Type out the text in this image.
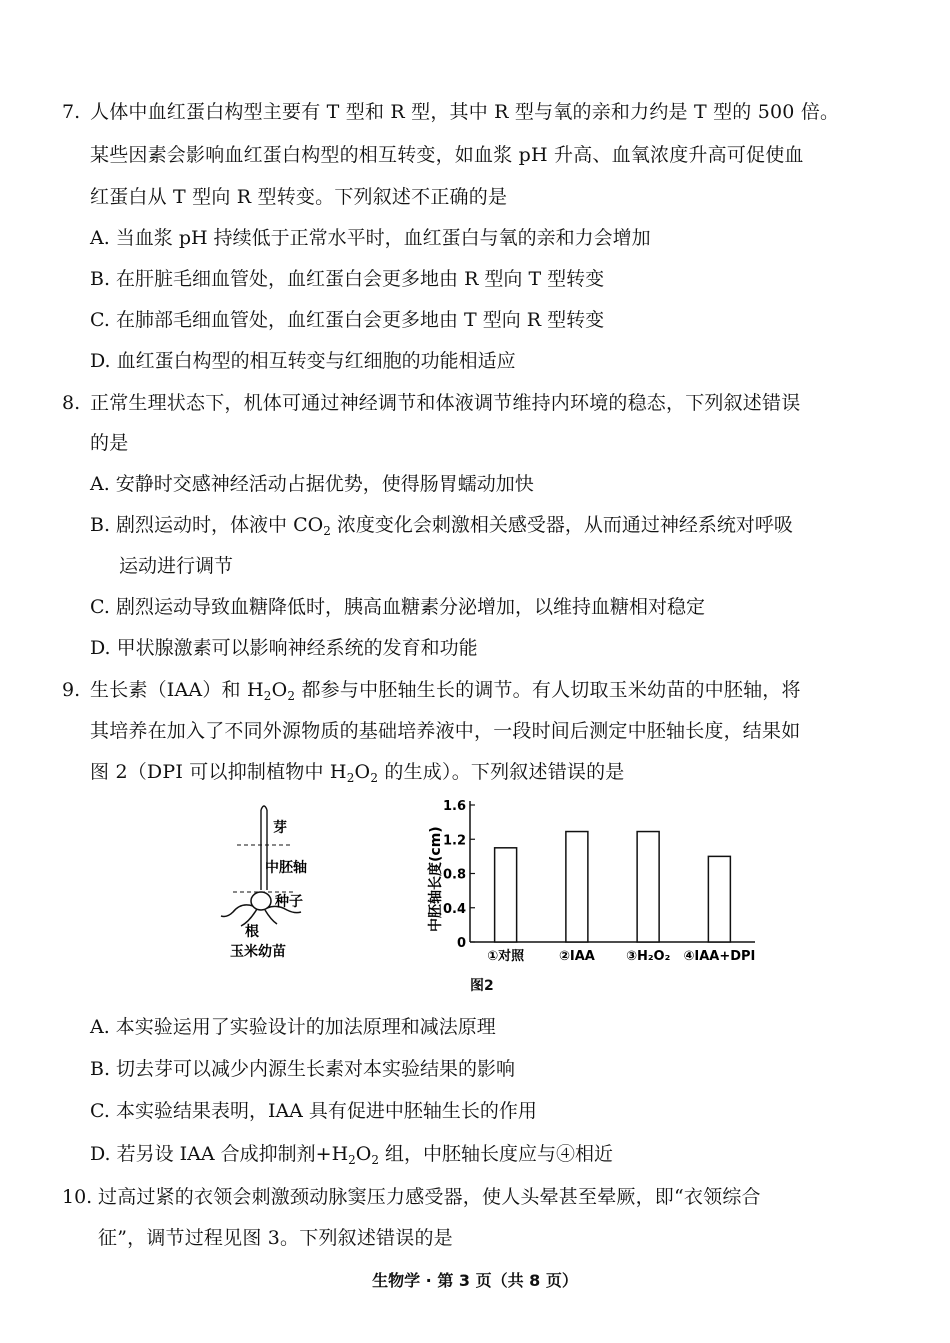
7. 人体中血红蛋白构型主要有 T 型和 R 型，其中 R 型与氧的亲和力约是 T 型的 500 倍。
某些因素会影响血红蛋白构型的相互转变，如血浆 pH 升高、血氧浓度升高可促使血
红蛋白从 T 型向 R 型转变。下列叙述不正确的是
A. 当血浆 pH 持续低于正常水平时，血红蛋白与氧的亲和力会增加
B. 在肝脏毛细血管处，血红蛋白会更多地由 R 型向 T 型转变
C. 在肺部毛细血管处，血红蛋白会更多地由 T 型向 R 型转变
D. 血红蛋白构型的相互转变与红细胞的功能相适应
8. 正常生理状态下，机体可通过神经调节和体液调节维持内环境的稳态，下列叙述错误
的是
A. 安静时交感神经活动占据优势，使得肠胃蠕动加快
B. 剧烈运动时，体液中 $CO_2$ 浓度变化会刺激相关感受器，从而通过神经系统对呼吸
运动进行调节
C. 剧烈运动导致血糖降低时，胰高血糖素分泌增加，以维持血糖相对稳定
D. 甲状腺激素可以影响神经系统的发育和功能
9. 生长素（IAA）和 $H_2O_2$ 都参与中胚轴生长的调节。有人切取玉米幼苗的中胚轴，将
其培养在加入了不同外源物质的基础培养液中，一段时间后测定中胚轴长度，结果如
图 2（DPI 可以抑制植物中 $H_2O_2$ 的生成）。下列叙述错误的是
芽
中胚轴
种子
根
玉米幼苗
中胚轴长度(cm)
0
0.4
0.8
1.2
1.6
①对照	②IAA ③H₂O₂ ④IAA+DPI
图2
A. 本实验运用了实验设计的加法原理和减法原理
B. 切去芽可以减少内源生长素对本实验结果的影响
C. 本实验结果表明，IAA 具有促进中胚轴生长的作用
D. 若另设 IAA 合成抑制剂$+H_2O_2$ 组，中胚轴长度应与④相近
10. 过高过紧的衣领会刺激颈动脉窦压力感受器，使人头晕甚至晕厥，即“衣领综合
征”，调节过程见图 3。下列叙述错误的是
生物学 · 第 3 页（共 8 页）
